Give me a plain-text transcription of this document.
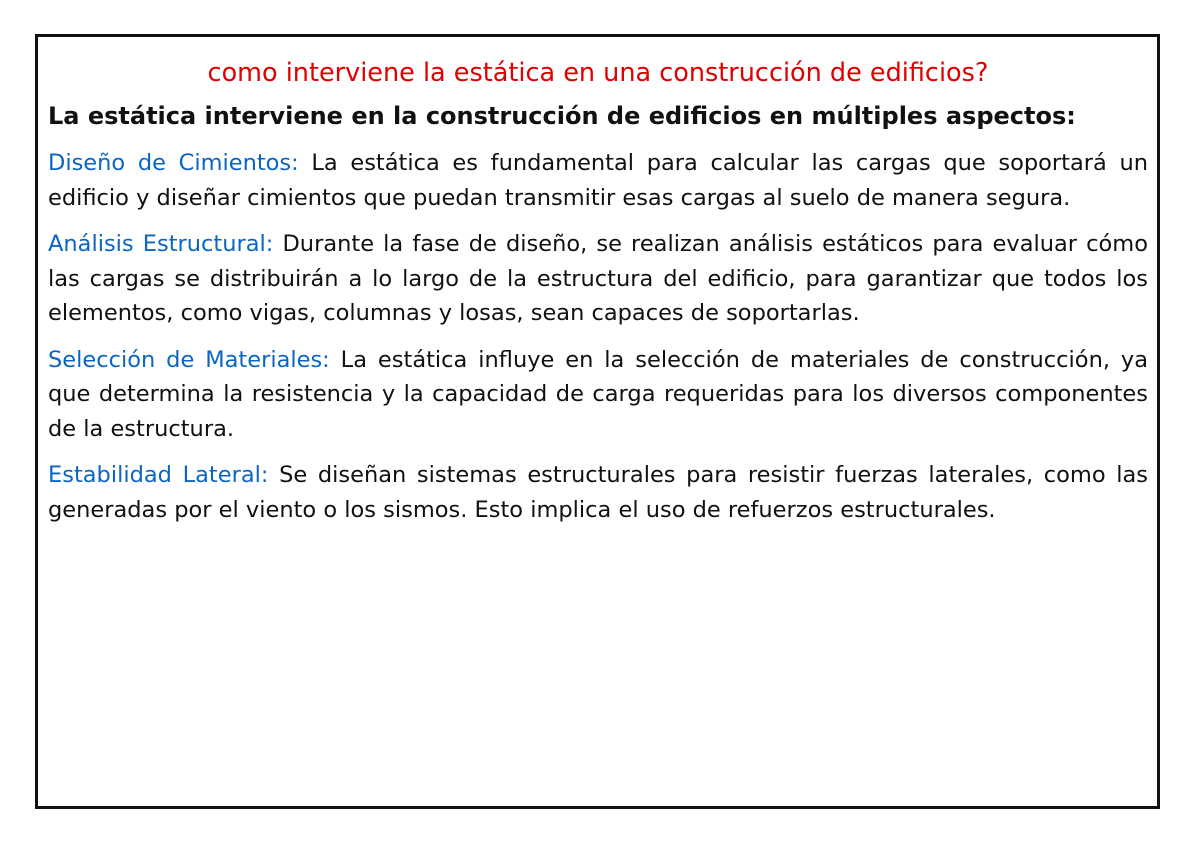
como interviene la estática en una construcción de edificios?

La estática interviene en la construcción de edificios en múltiples aspectos:

Diseño de Cimientos: La estática es fundamental para calcular las cargas que soportará un edificio y diseñar cimientos que puedan transmitir esas cargas al suelo de manera segura.

Análisis Estructural: Durante la fase de diseño, se realizan análisis estáticos para evaluar cómo las cargas se distribuirán a lo largo de la estructura del edificio, para garantizar que todos los elementos, como vigas, columnas y losas, sean capaces de soportarlas.

Selección de Materiales: La estática influye en la selección de materiales de construcción, ya que determina la resistencia y la capacidad de carga requeridas para los diversos componentes de la estructura.

Estabilidad Lateral: Se diseñan sistemas estructurales para resistir fuerzas laterales, como las generadas por el viento o los sismos. Esto implica el uso de refuerzos estructurales.
